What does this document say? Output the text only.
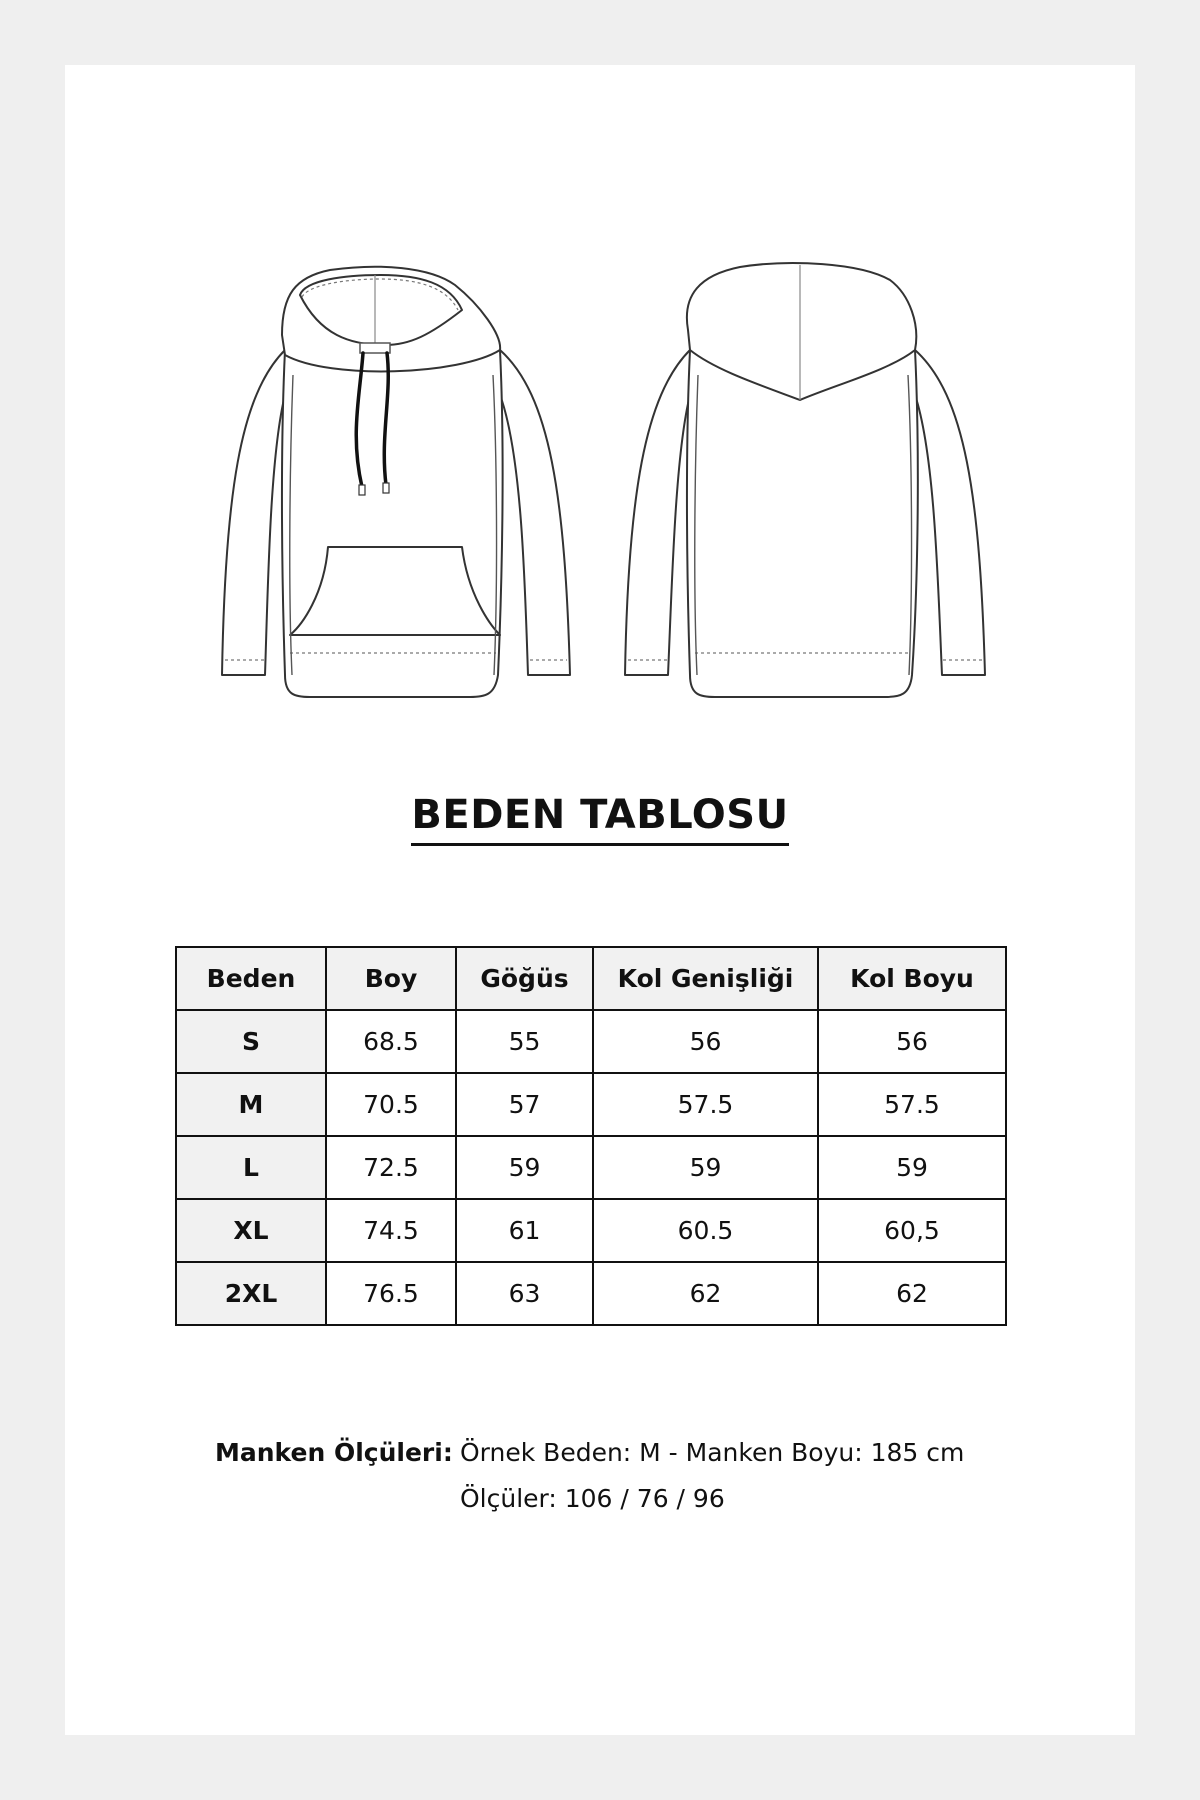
BEDEN TABLOSU
Beden	Boy	Göğüs	Kol Genişliği	Kol Boyu
S	68.5	55	56	56
M	70.5	57	57.5	57.5
L	72.5	59	59	59
XL	74.5	61	60.5	60,5
2XL	76.5	63	62	62
Manken Ölçüleri: Örnek Beden: M - Manken Boyu: 185 cm
Ölçüler: 106 / 76 / 96
